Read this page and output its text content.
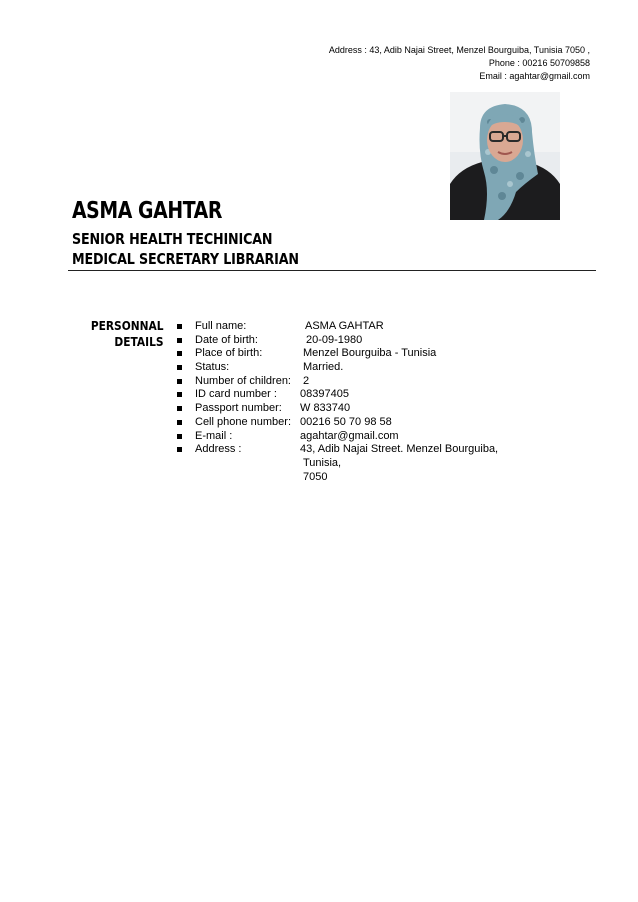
Address : 43, Adib Najai Street, Menzel Bourguiba, Tunisia 7050 ,
Phone : 00216 50709858
Email : agahtar@gmail.com
ASMA GAHTAR
SENIOR HEALTH TECHINICAN
MEDICAL SECRETARY LIBRARIAN
PERSONNAL
DETAILS
Full name:	ASMA GAHTAR
Date of birth:	20-09-1980
Place of birth:	Menzel Bourguiba - Tunisia
Status:	Married.
Number of children: 2
ID card number : 08397405
Passport number: W 833740
Cell phone number: 00216 50 70 98 58
E-mail :	agahtar@gmail.com
Address :	43, Adib Najai Street. Menzel Bourguiba,
Tunisia, 7050
